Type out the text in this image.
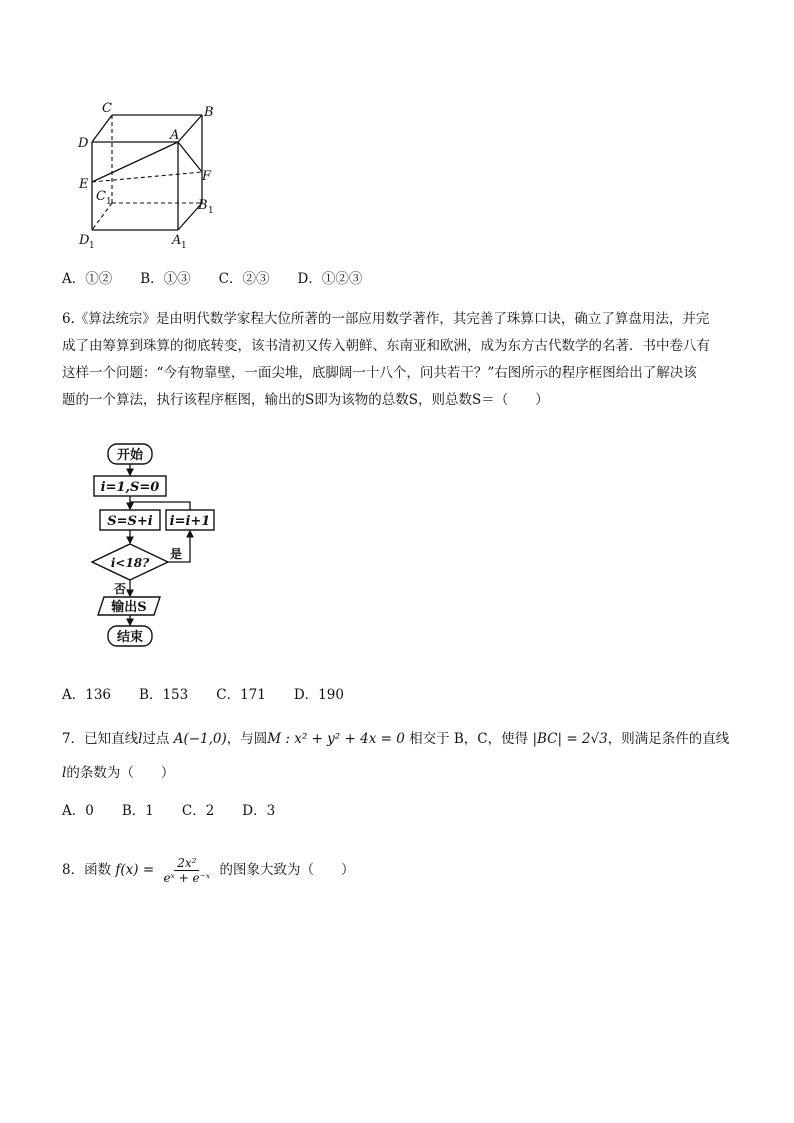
C	B
D
A
E
F
C 1	B 1
D 1	A 1
A．①② B．①③ C．②③ D．①②③
6.《算法统宗》是由明代数学家程大位所著的一部应用数学著作，其完善了珠算口诀，确立了算盘用法，并完
成了由筹算到珠算的彻底转变，该书清初又传入朝鲜、东南亚和欧洲，成为东方古代数学的名著．书中卷八有
这样一个问题：“今有物靠壁，一面尖堆，底脚阔一十八个，问共若干？”右图所示的程序框图给出了解决该
题的一个算法，执行该程序框图，输出的S即为该物的总数S，则总数S＝（　　）
开始
i=1,S=0
S=S+i i=i+1
i<18?
是
否
输出S
结束
A．136 B．153 C．171 D．190
7．已知直线l过点 A(−1,0)，与圆M : x² + y² + 4x = 0 相交于 B，C，使得 |BC| = 2√3，则满足条件的直线
l的条数为（　　）
A．0 B．1 C．2 D．3
8．函数 $f(x) = \frac{\text{2x²}}{\text{eˣ + e⁻ˣ}}$ 的图象大致为（　　）
